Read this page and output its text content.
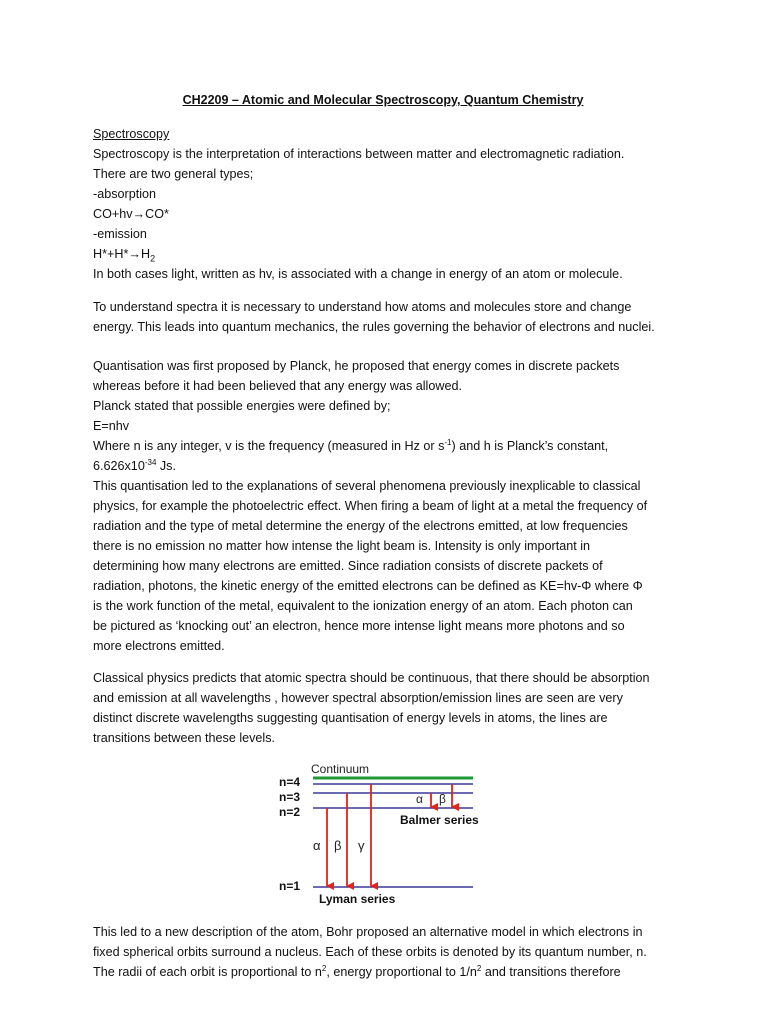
CH2209 – Atomic and Molecular Spectroscopy, Quantum Chemistry
Spectroscopy
Spectroscopy is the interpretation of interactions between matter and electromagnetic radiation.
There are two general types;
-absorption
CO+hv→CO*
-emission
$H*+H*\to H_2$
In both cases light, written as hv, is associated with a change in energy of an atom or molecule.
To understand spectra it is necessary to understand how atoms and molecules store and change
energy. This leads into quantum mechanics, the rules governing the behavior of electrons and nuclei.
Quantisation was first proposed by Planck, he proposed that energy comes in discrete packets
whereas before it had been believed that any energy was allowed.
Planck stated that possible energies were defined by;
E=nhv
Where n is any integer, v is the frequency (measured in Hz or $s^{-1}$) and h is Planck’s constant,
$6.626x10^{-34}$ Js.
This quantisation led to the explanations of several phenomena previously inexplicable to classical
physics, for example the photoelectric effect. When firing a beam of light at a metal the frequency of
radiation and the type of metal determine the energy of the electrons emitted, at low frequencies
there is no emission no matter how intense the light beam is. Intensity is only important in
determining how many electrons are emitted. Since radiation consists of discrete packets of
radiation, photons, the kinetic energy of the emitted electrons can be defined as KE=hv-Φ where Φ
is the work function of the metal, equivalent to the ionization energy of an atom. Each photon can
be pictured as ‘knocking out’ an electron, hence more intense light means more photons and so
more electrons emitted.
Classical physics predicts that atomic spectra should be continuous, that there should be absorption
and emission at all wavelengths , however spectral absorption/emission lines are seen are very
distinct discrete wavelengths suggesting quantisation of energy levels in atoms, the lines are
transitions between these levels.
This led to a new description of the atom, Bohr proposed an alternative model in which electrons in
fixed spherical orbits surround a nucleus. Each of these orbits is denoted by its quantum number, n.
The radii of each orbit is proportional to $n^2$, energy proportional to $1/n^2$ and transitions therefore
Continuum
n=4
n=3
n=2
n=1
α β γ
α β
Balmer series
Lyman series
